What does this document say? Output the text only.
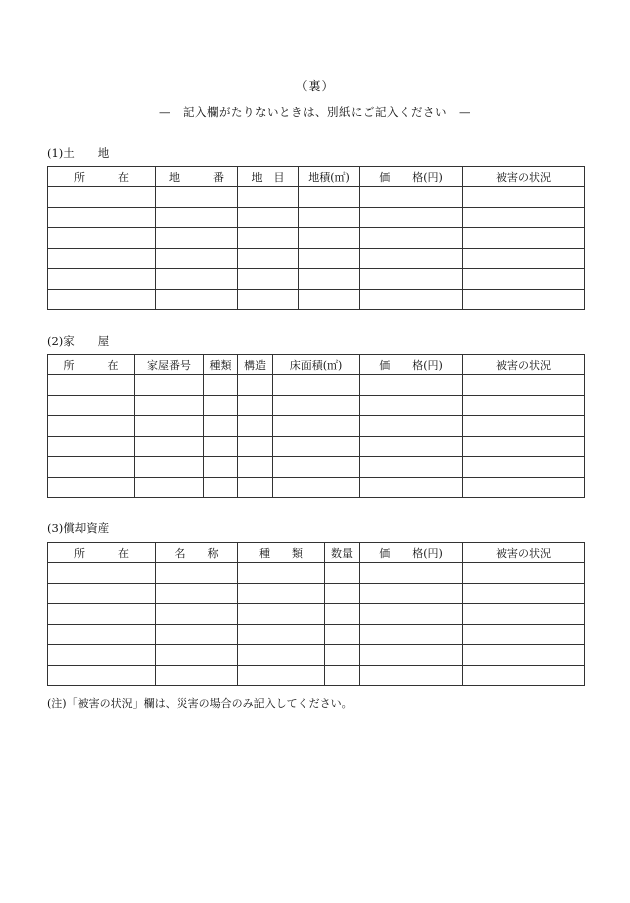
（裏）
—　記入欄がたりないときは、別紙にご記入ください　—
(1)土　　地
所　　　在	地　　　番	地　目	地積(㎡)	価　　格(円)	被害の状況

(2)家　　屋
所　　　在	家屋番号	種類	構造	床面積(㎡)	価　　格(円)	被害の状況

(3)償却資産
所　　　在	名　　称	種　　類	数量	価　　格(円)	被害の状況

(注)「被害の状況」欄は、災害の場合のみ記入してください。
